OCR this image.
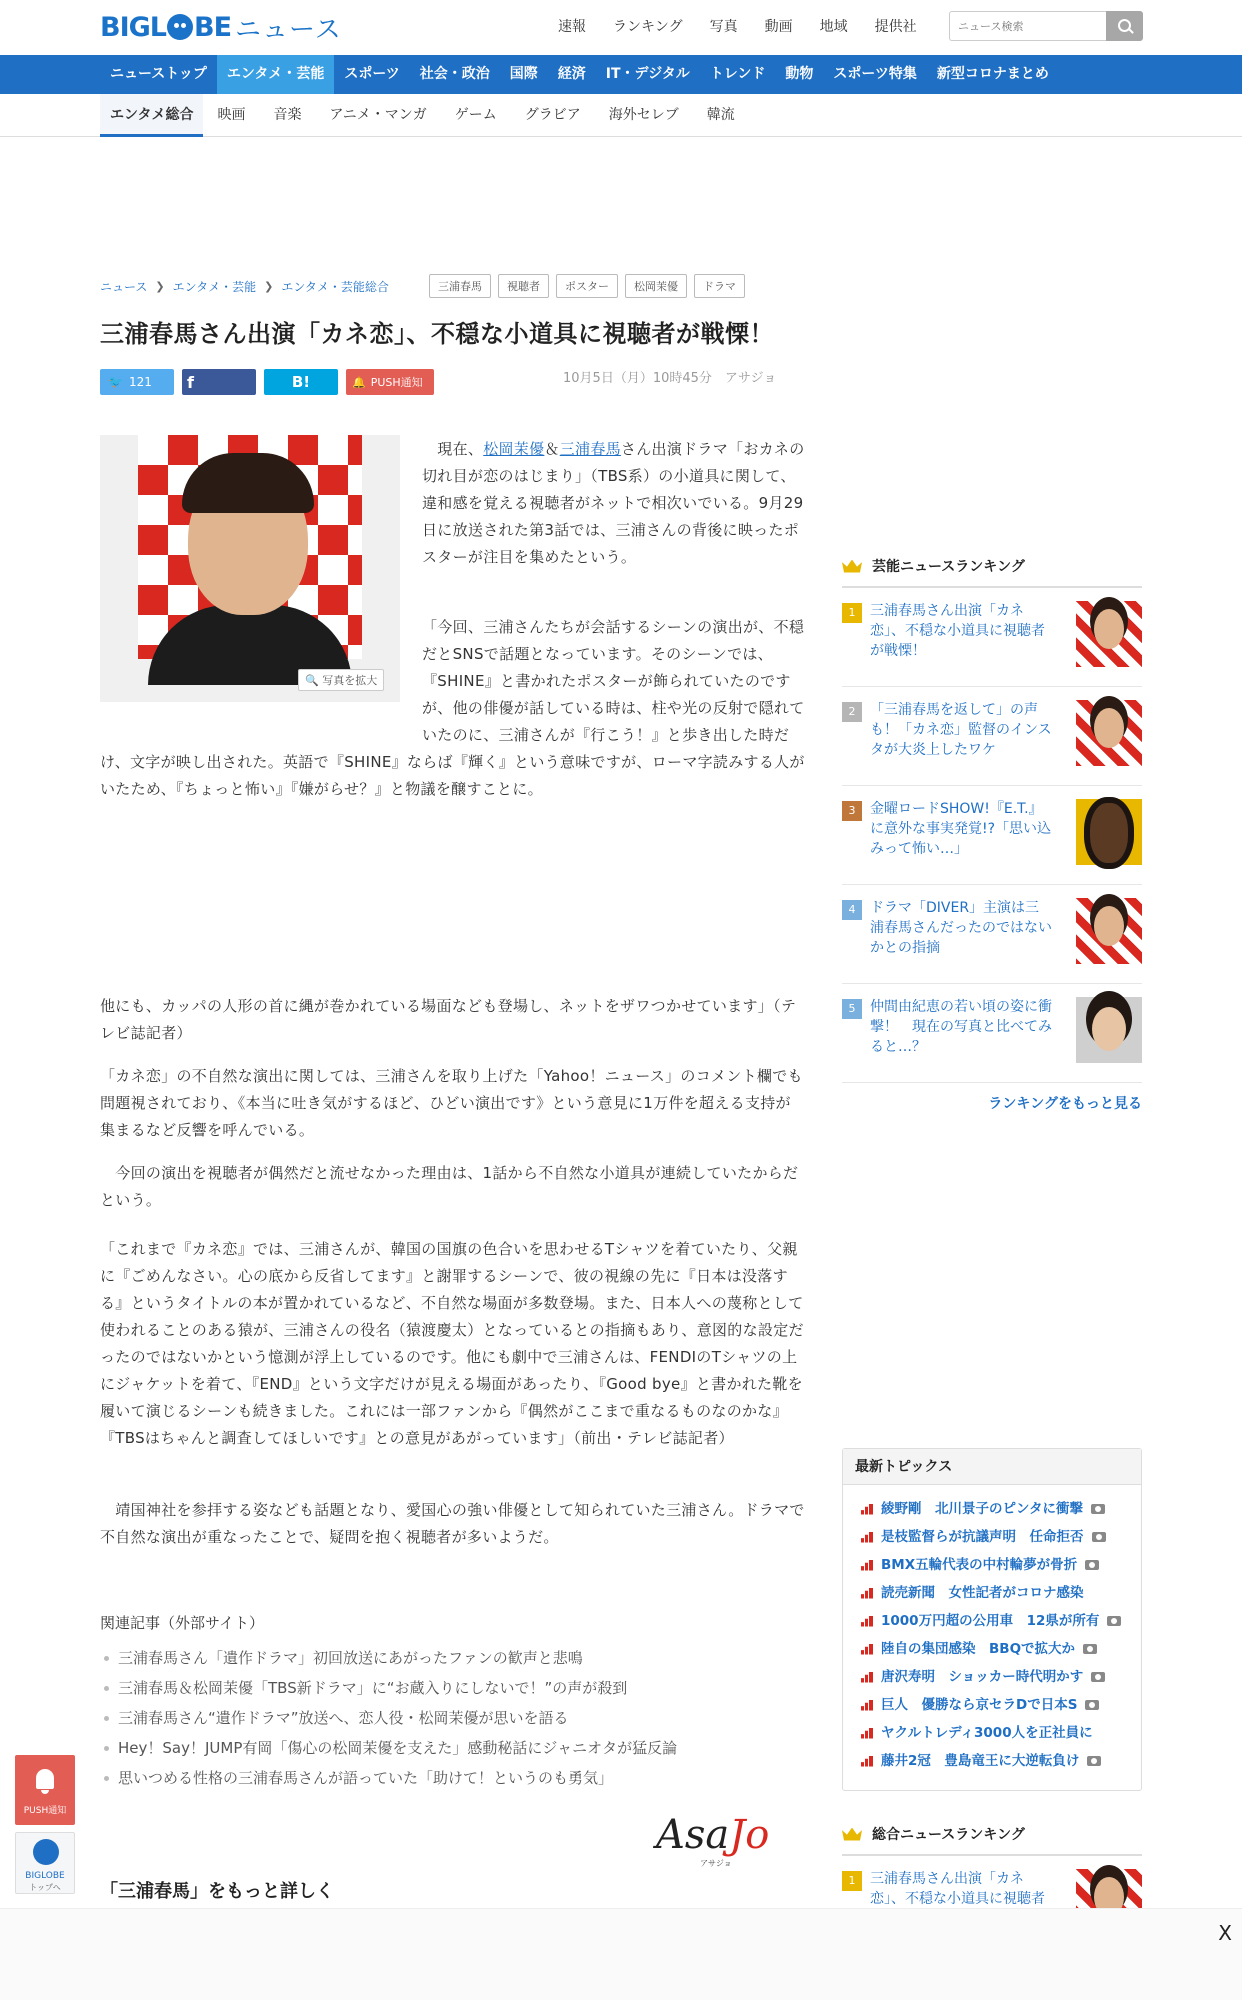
BIGL BE ニュース	速報 ランキング 写真 動画 地域 提供社
ニュース検索
ニューストップ	エンタメ・芸能	スポーツ	社会・政治	国際	経済	IT・デジタル	トレンド	動物	スポーツ特集	新型コロナまとめ
エンタメ総合	映画	音楽	アニメ・マンガ	ゲーム	グラビア	海外セレブ	韓流
ニュース ❯ エンタメ・芸能 ❯ エンタメ・芸能総合	三浦春馬	視聴者	ポスター	松岡茉優	ドラマ
三浦春馬さん出演「カネ恋」、不穏な小道具に視聴者が戦慄！
🐦 121 f	B!	🔔 PUSH通知	10月5日（月）10時45分　 アサジョ
🔍 写真を拡大
　現在、松岡茉優＆三浦春馬さん出演ドラマ「おカネの切れ目が恋のはじまり」（TBS系）の小道具に関して、違和感を覚える視聴者がネットで相次いでいる。9月29日に放送された第3話では、三浦さんの背後に映ったポスターが注目を集めたという。
「今回、三浦さんたちが会話するシーンの演出が、不穏だとSNSで話題となっています。そのシーンでは、『SHINE』と書かれたポスターが飾られていたのですが、他の俳優が話している時は、柱や光の反射で隠れていたのに、三浦さんが『行こう！』と歩き出した時だけ、文字が映し出された。英語で『SHINE』ならば『輝く』という意味ですが、ローマ字読みする人がいたため、『ちょっと怖い』『嫌がらせ？』と物議を醸すことに。
他にも、カッパの人形の首に縄が巻かれている場面なども登場し、ネットをザワつかせています」（テレビ誌記者）
「カネ恋」の不自然な演出に関しては、三浦さんを取り上げた「Yahoo！ニュース」のコメント欄でも問題視されており、《本当に吐き気がするほど、ひどい演出です》という意見に1万件を超える支持が集まるなど反響を呼んでいる。
　今回の演出を視聴者が偶然だと流せなかった理由は、1話から不自然な小道具が連続していたからだという。
「これまで『カネ恋』では、三浦さんが、韓国の国旗の色合いを思わせるTシャツを着ていたり、父親に『ごめんなさい。心の底から反省してます』と謝罪するシーンで、彼の視線の先に『日本は没落する』というタイトルの本が置かれているなど、不自然な場面が多数登場。また、日本人への蔑称として使われることのある猿が、三浦さんの役名（猿渡慶太）となっているとの指摘もあり、意図的な設定だったのではないかという憶測が浮上しているのです。他にも劇中で三浦さんは、FENDIのTシャツの上にジャケットを着て、『END』という文字だけが見える場面があったり、『Good bye』と書かれた靴を履いて演じるシーンも続きました。これには一部ファンから『偶然がここまで重なるものなのかな』『TBSはちゃんと調査してほしいです』との意見があがっています」（前出・テレビ誌記者）
　靖国神社を参拝する姿なども話題となり、愛国心の強い俳優として知られていた三浦さん。ドラマで不自然な演出が重なったことで、疑問を抱く視聴者が多いようだ。
関連記事（外部サイト）
三浦春馬さん「遺作ドラマ」初回放送にあがったファンの歓声と悲鳴
三浦春馬＆松岡茉優「TBS新ドラマ」に“お蔵入りにしないで！”の声が殺到
三浦春馬さん“遺作ドラマ”放送へ、恋人役・松岡茉優が思いを語る
Hey！Say！JUMP有岡「傷心の松岡茉優を支えた」感動秘話にジャニオタが猛反論
思いつめる性格の三浦春馬さんが語っていた「助けて！というのも勇気」
AsaJo
アサジョ
「三浦春馬」をもっと詳しく
芸能ニュースランキング
1	三浦春馬さん出演「カネ恋」、不穏な小道具に視聴者が戦慄！
2	「三浦春馬を返して」の声も！「カネ恋」監督のインスタが大炎上したワケ
3	金曜ロードSHOW!『E.T.』に意外な事実発覚!?「思い込みって怖い…」
4	ドラマ「DIVER」主演は三浦春馬さんだったのではないかとの指摘
5	仲間由紀恵の若い頃の姿に衝撃！　現在の写真と比べてみると…？
ランキングをもっと見る
最新トピックス
綾野剛　北川景子のピンタに衝撃
是枝監督らが抗議声明　任命拒否
BMX五輪代表の中村輪夢が骨折
読売新聞　女性記者がコロナ感染
1000万円超の公用車　12県が所有
陸自の集団感染　BBQで拡大か
唐沢寿明　ショッカー時代明かす
巨人　優勝なら京セラDで日本S
ヤクルトレディ3000人を正社員に
藤井2冠　豊島竜王に大逆転負け
総合ニュースランキング
1	三浦春馬さん出演「カネ恋」、不穏な小道具に視聴者
PUSH通知
BIGLOBE
トップへ
X
